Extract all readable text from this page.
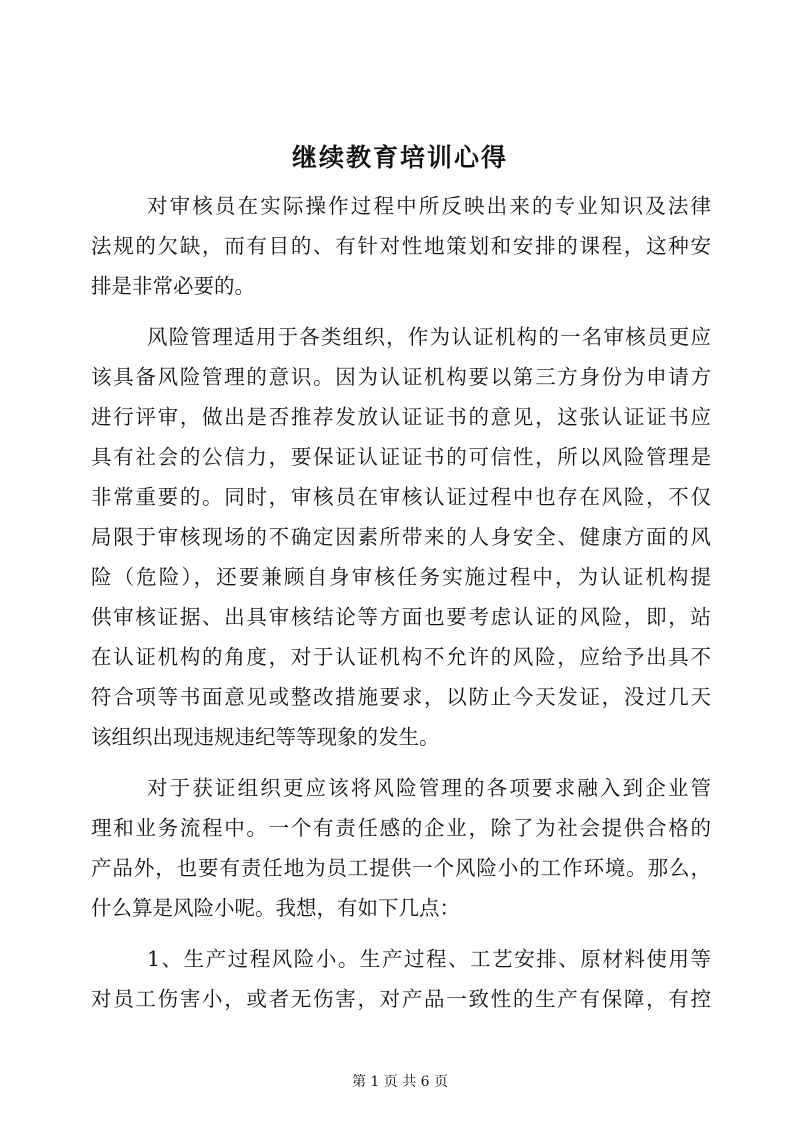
继续教育培训心得
对审核员在实际操作过程中所反映出来的专业知识及法律
法规的欠缺，而有目的、有针对性地策划和安排的课程，这种安
排是非常必要的。
风险管理适用于各类组织，作为认证机构的一名审核员更应
该具备风险管理的意识。因为认证机构要以第三方身份为申请方
进行评审，做出是否推荐发放认证证书的意见，这张认证证书应
具有社会的公信力，要保证认证证书的可信性，所以风险管理是
非常重要的。同时，审核员在审核认证过程中也存在风险，不仅
局限于审核现场的不确定因素所带来的人身安全、健康方面的风
险（危险），还要兼顾自身审核任务实施过程中，为认证机构提
供审核证据、出具审核结论等方面也要考虑认证的风险，即，站
在认证机构的角度，对于认证机构不允许的风险，应给予出具不
符合项等书面意见或整改措施要求，以防止今天发证，没过几天
该组织出现违规违纪等等现象的发生。
对于获证组织更应该将风险管理的各项要求融入到企业管
理和业务流程中。一个有责任感的企业，除了为社会提供合格的
产品外，也要有责任地为员工提供一个风险小的工作环境。那么，
什么算是风险小呢。我想，有如下几点：
1、生产过程风险小。生产过程、工艺安排、原材料使用等
对员工伤害小，或者无伤害，对产品一致性的生产有保障，有控
第 1 页 共 6 页
